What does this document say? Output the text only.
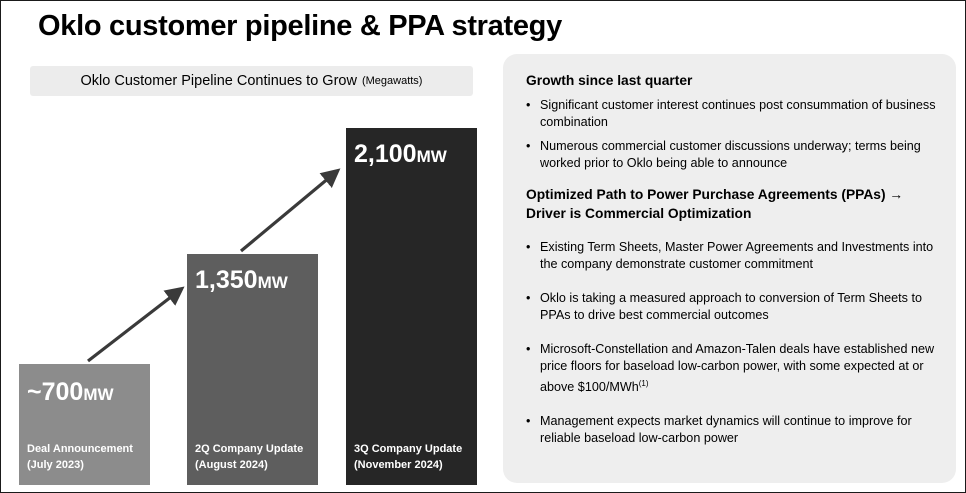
Oklo customer pipeline & PPA strategy
Oklo Customer Pipeline Continues to Grow (Megawatts)
~700MW
Deal Announcement
(July 2023)
1,350MW
2Q Company Update
(August 2024)
2,100MW
3Q Company Update
(November 2024)
Growth since last quarter
• Significant customer interest continues post consummation of business combination
• Numerous commercial customer discussions underway; terms being worked prior to Oklo being able to announce
Optimized Path to Power Purchase Agreements (PPAs) → Driver is Commercial Optimization
• Existing Term Sheets, Master Power Agreements and Investments into the company demonstrate customer commitment
• Oklo is taking a measured approach to conversion of Term Sheets to PPAs to drive best commercial outcomes
• Microsoft-Constellation and Amazon-Talen deals have established new price floors for baseload low-carbon power, with some expected at or above $100/MWh$^{(1)}$
• Management expects market dynamics will continue to improve for reliable baseload low-carbon power
